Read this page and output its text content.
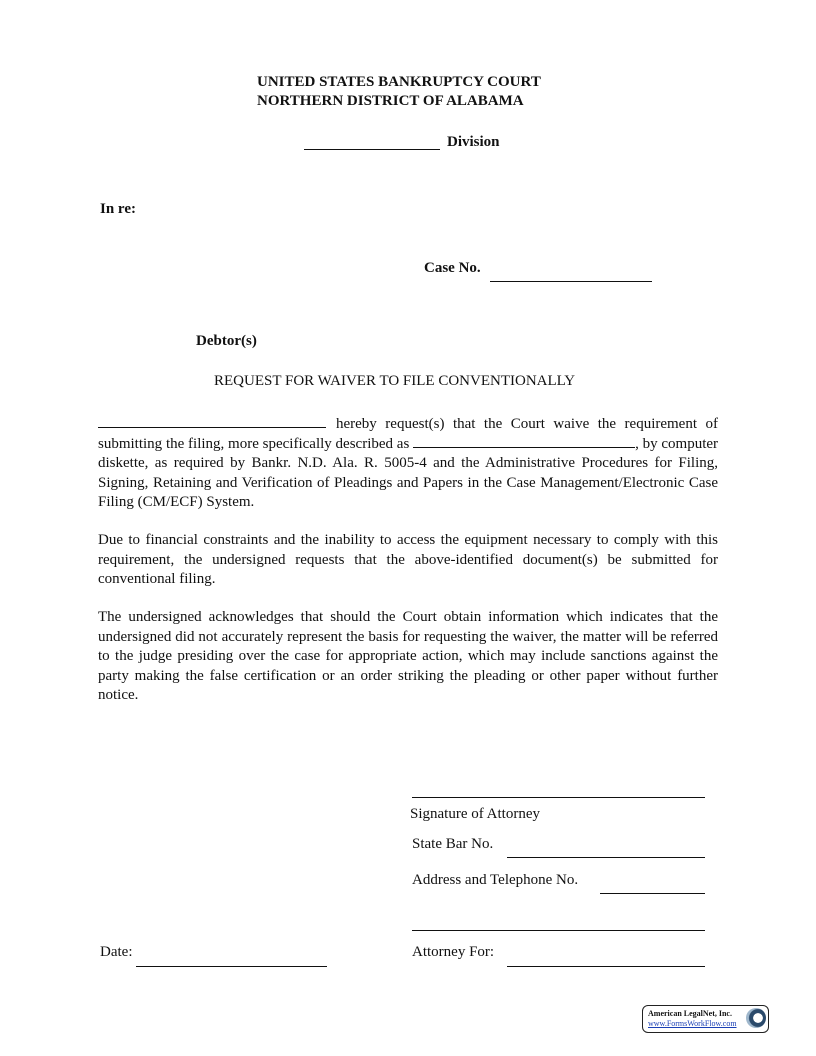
UNITED STATES BANKRUPTCY COURT
NORTHERN DISTRICT OF ALABAMA
Division
In re:
Case No.
Debtor(s)
REQUEST FOR WAIVER TO FILE CONVENTIONALLY

hereby request(s) that the Court waive the requirement of submitting the filing, more specifically described as	, by computer diskette, as required by Bankr. N.D. Ala. R. 5005-4 and the Administrative Procedures for Filing, Signing, Retaining and Verification of Pleadings and Papers in the Case Management/Electronic Case Filing (CM/ECF) System.

Due to financial constraints and the inability to access the equipment necessary to comply with this requirement, the undersigned requests that the above-identified document(s) be submitted for conventional filing.

The undersigned acknowledges that should the Court obtain information which indicates that the undersigned did not accurately represent the basis for requesting the waiver, the matter will be referred to the judge presiding over the case for appropriate action, which may include sanctions against the party making the false certification or an order striking the pleading or other paper without further notice.

Signature of Attorney
State Bar No.
Address and Telephone No.
Attorney For:
Date:
American LegalNet, Inc.
www.FormsWorkFlow.com
